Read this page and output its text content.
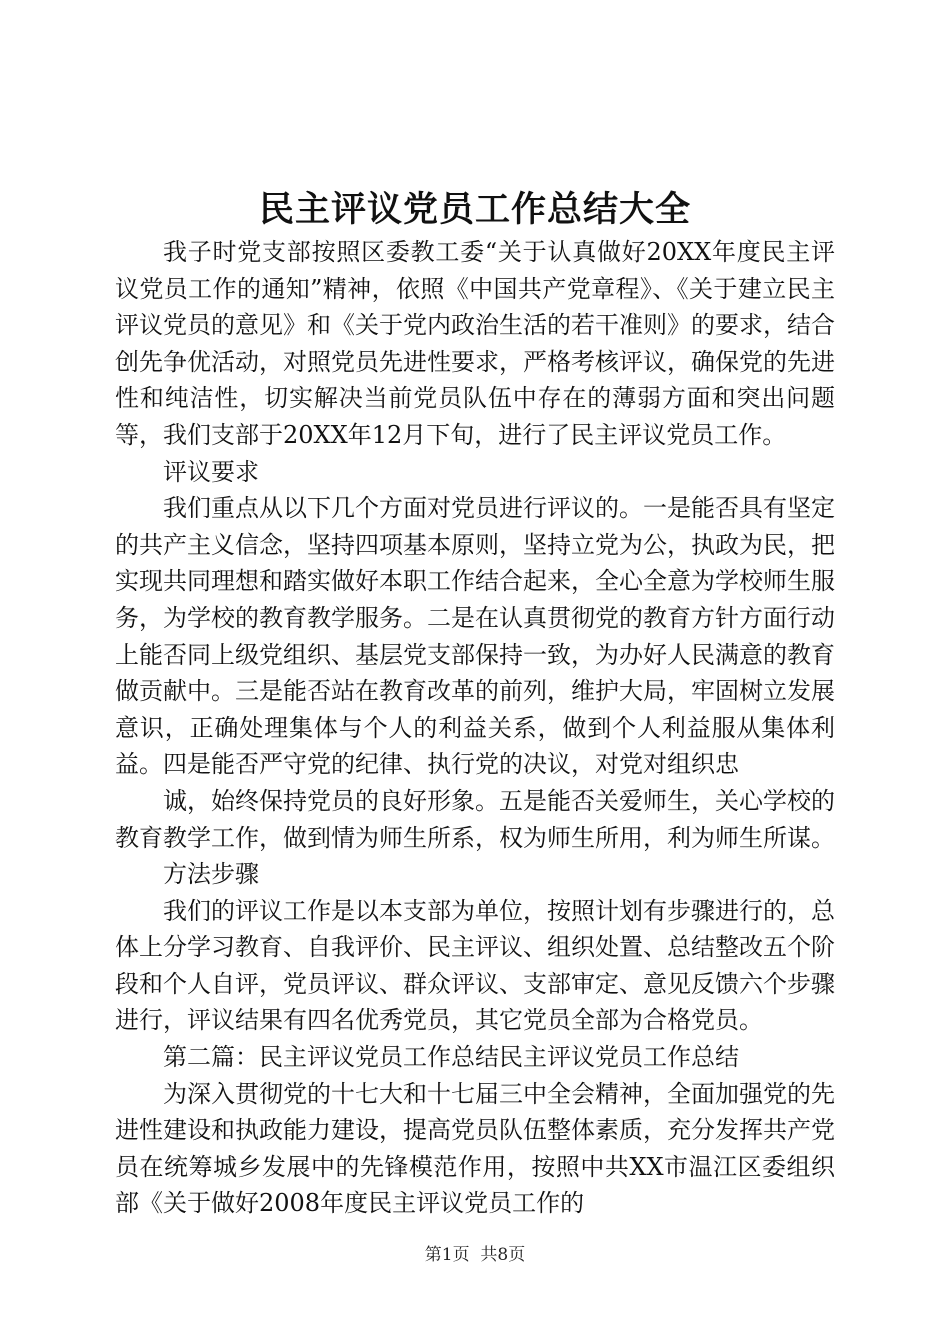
民主评议党员工作总结大全

我子时党支部按照区委教工委“关于认真做好20XX年度民主评议党员工作的通知”精神，依照《中国共产党章程》、《关于建立民主评议党员的意见》和《关于党内政治生活的若干准则》的要求，结合创先争优活动，对照党员先进性要求，严格考核评议，确保党的先进性和纯洁性，切实解决当前党员队伍中存在的薄弱方面和突出问题等，我们支部于20XX年12月下旬，进行了民主评议党员工作。

评议要求

我们重点从以下几个方面对党员进行评议的。一是能否具有坚定的共产主义信念，坚持四项基本原则，坚持立党为公，执政为民，把实现共同理想和踏实做好本职工作结合起来，全心全意为学校师生服务，为学校的教育教学服务。二是在认真贯彻党的教育方针方面行动上能否同上级党组织、基层党支部保持一致，为办好人民满意的教育做贡献中。三是能否站在教育改革的前列，维护大局，牢固树立发展意识，正确处理集体与个人的利益关系，做到个人利益服从集体利益。四是能否严守党的纪律、执行党的决议，对党对组织忠

诚，始终保持党员的良好形象。五是能否关爱师生，关心学校的教育教学工作，做到情为师生所系，权为师生所用，利为师生所谋。

方法步骤

我们的评议工作是以本支部为单位，按照计划有步骤进行的，总体上分学习教育、自我评价、民主评议、组织处置、总结整改五个阶段和个人自评，党员评议、群众评议、支部审定、意见反馈六个步骤进行，评议结果有四名优秀党员，其它党员全部为合格党员。

第二篇：民主评议党员工作总结民主评议党员工作总结

为深入贯彻党的十七大和十七届三中全会精神，全面加强党的先进性建设和执政能力建设，提高党员队伍整体素质，充分发挥共产党员在统筹城乡发展中的先锋模范作用，按照中共XX市温江区委组织部《关于做好2008年度民主评议党员工作的

第1页  共8页
